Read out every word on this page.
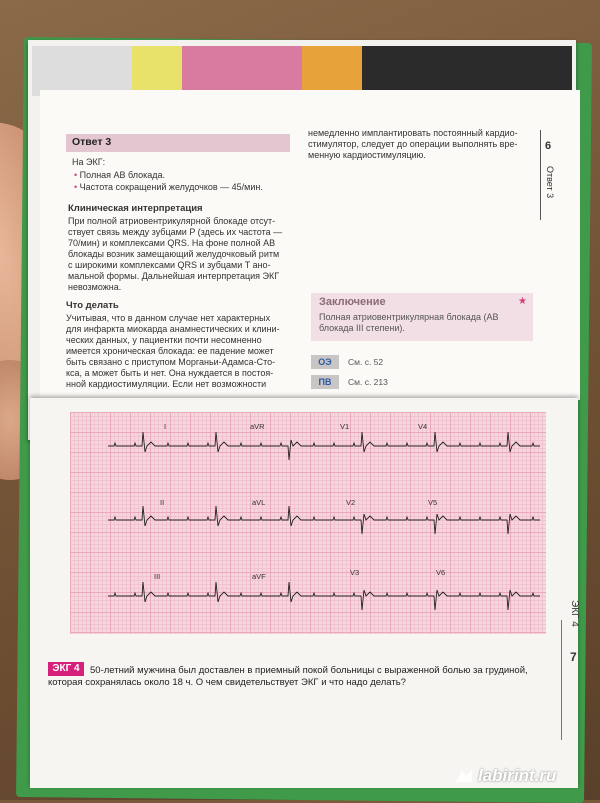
Ответ 3
На ЭКГ:
• Полная АВ блокада.
• Частота сокращений желудочков — 45/мин.
Клиническая интерпретация
При полной атриовентрикулярной блокаде отсут-
ствует связь между зубцами P (здесь их частота —
70/мин) и комплексами QRS. На фоне полной АВ
блокады возник замещающий желудочковый ритм
с широкими комплексами QRS и зубцами T ано-
мальной формы. Дальнейшая интерпретация ЭКГ
невозможна.
Что делать
Учитывая, что в данном случае нет характерных
для инфаркта миокарда анамнестических и клини-
ческих данных, у пациентки почти несомненно
имеется хроническая блокада: ее падение может
быть связано с приступом Морганьи-Адамса-Сто-
кса, а может быть и нет. Она нуждается в постоя-
нной кардиостимуляции. Если нет возможности
немедленно имплантировать постоянный кардио-
стимулятор, следует до операции выполнять вре-
менную кардиостимуляцию.
6
Ответ 3
Заключение	★
Полная атриовентрикулярная блокада (АВ блокада III степени).
ОЭ	См. с. 52
ПВ	См. с. 213
I	aVR	V1	V4
II	aVL	V2	V5
III	aVF	V3	V6
ЭКГ 4	50-летний мужчина был доставлен в приемный покой больницы с выраженной болью за грудиной, которая сохранялась около 18 ч. О чем свидетельствует ЭКГ и что надо делать?
ЭКГ 4
7
labirint.ru
